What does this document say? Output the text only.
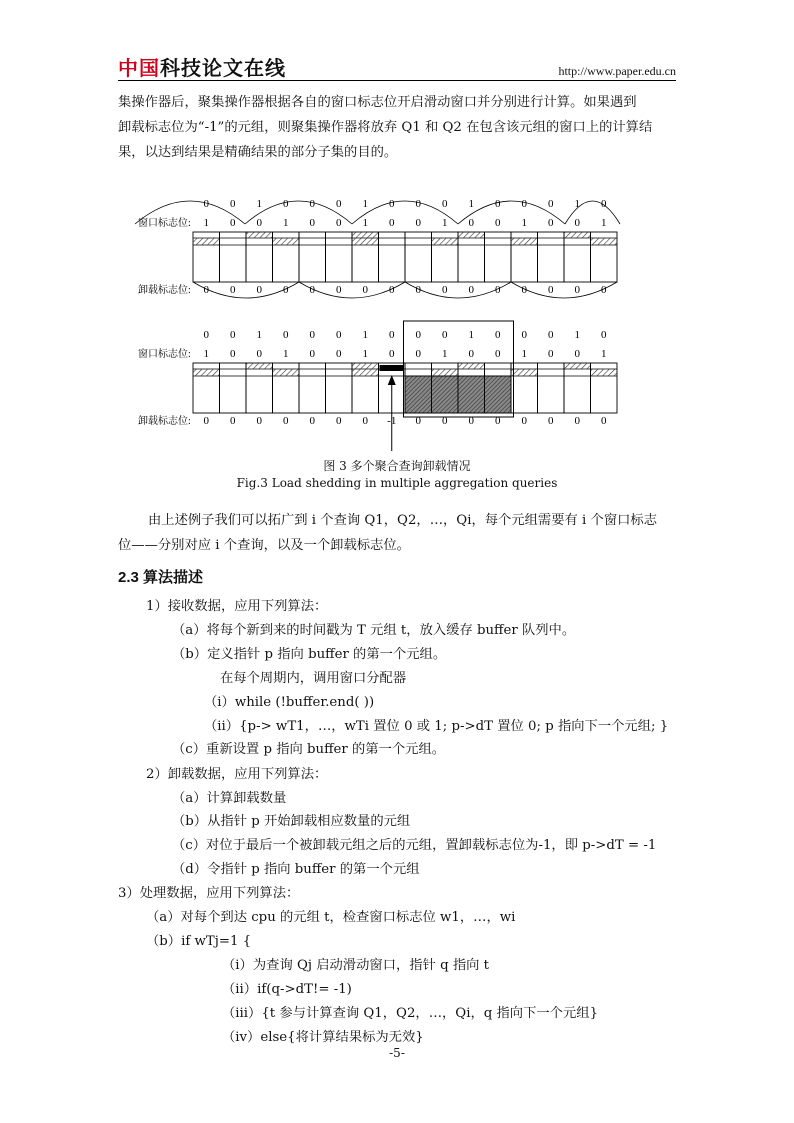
中国科技论文在线	http://www.paper.edu.cn
集操作器后，聚集操作器根据各自的窗口标志位开启滑动窗口并分别进行计算。如果遇到
卸载标志位为“-1”的元组，则聚集操作器将放弃 Q1 和 Q2 在包含该元组的窗口上的计算结
果，以达到结果是精确结果的部分子集的目的。
0 0 1 0 0 0 1 0 0 0 1 0 0 0 1 0
窗口标志位: 1 0 0 1 0 0 1 0 0 1 0 0 1 0 0 1
卸载标志位: 0 0 0 0 0 0 0 0 0 0 0 0 0 0 0 0
0 0 1 0 0 0 1 0 0 0 1 0 0 0 1 0
窗口标志位: 1 0 0 1 0 0 1 0 0 1 0 0 1 0 0 1
卸载标志位: 0 0 0 0 0 0 0 -1 0 0 0 0 0 0 0 0
图 3 多个聚合查询卸载情况
Fig.3 Load shedding in multiple aggregation queries
由上述例子我们可以拓广到 i 个查询 Q1，Q2，…，Qi，每个元组需要有 i 个窗口标志
位——分别对应 i 个查询，以及一个卸载标志位。
2.3 算法描述
1）接收数据，应用下列算法：
（a）将每个新到来的时间戳为 T 元组 t，放入缓存 buffer 队列中。
（b）定义指针 p 指向 buffer 的第一个元组。
在每个周期内，调用窗口分配器
（i）while (!buffer.end( ))
（ii）{p-> wT1，…，wTi 置位 0 或 1; p->dT 置位 0; p 指向下一个元组; }
（c）重新设置 p 指向 buffer 的第一个元组。
2）卸载数据，应用下列算法：
（a）计算卸载数量
（b）从指针 p 开始卸载相应数量的元组
（c）对位于最后一个被卸载元组之后的元组，置卸载标志位为-1，即 p->dT = -1
（d）令指针 p 指向 buffer 的第一个元组
3）处理数据，应用下列算法：
（a）对每个到达 cpu 的元组 t，检查窗口标志位 w1，…，wi
（b）if wTj=1 {
（i）为查询 Qj 启动滑动窗口，指针 q 指向 t
（ii）if(q->dT!= -1)
（iii）{t 参与计算查询 Q1，Q2，…，Qi，q 指向下一个元组}
（iv）else{将计算结果标为无效}
-5-
